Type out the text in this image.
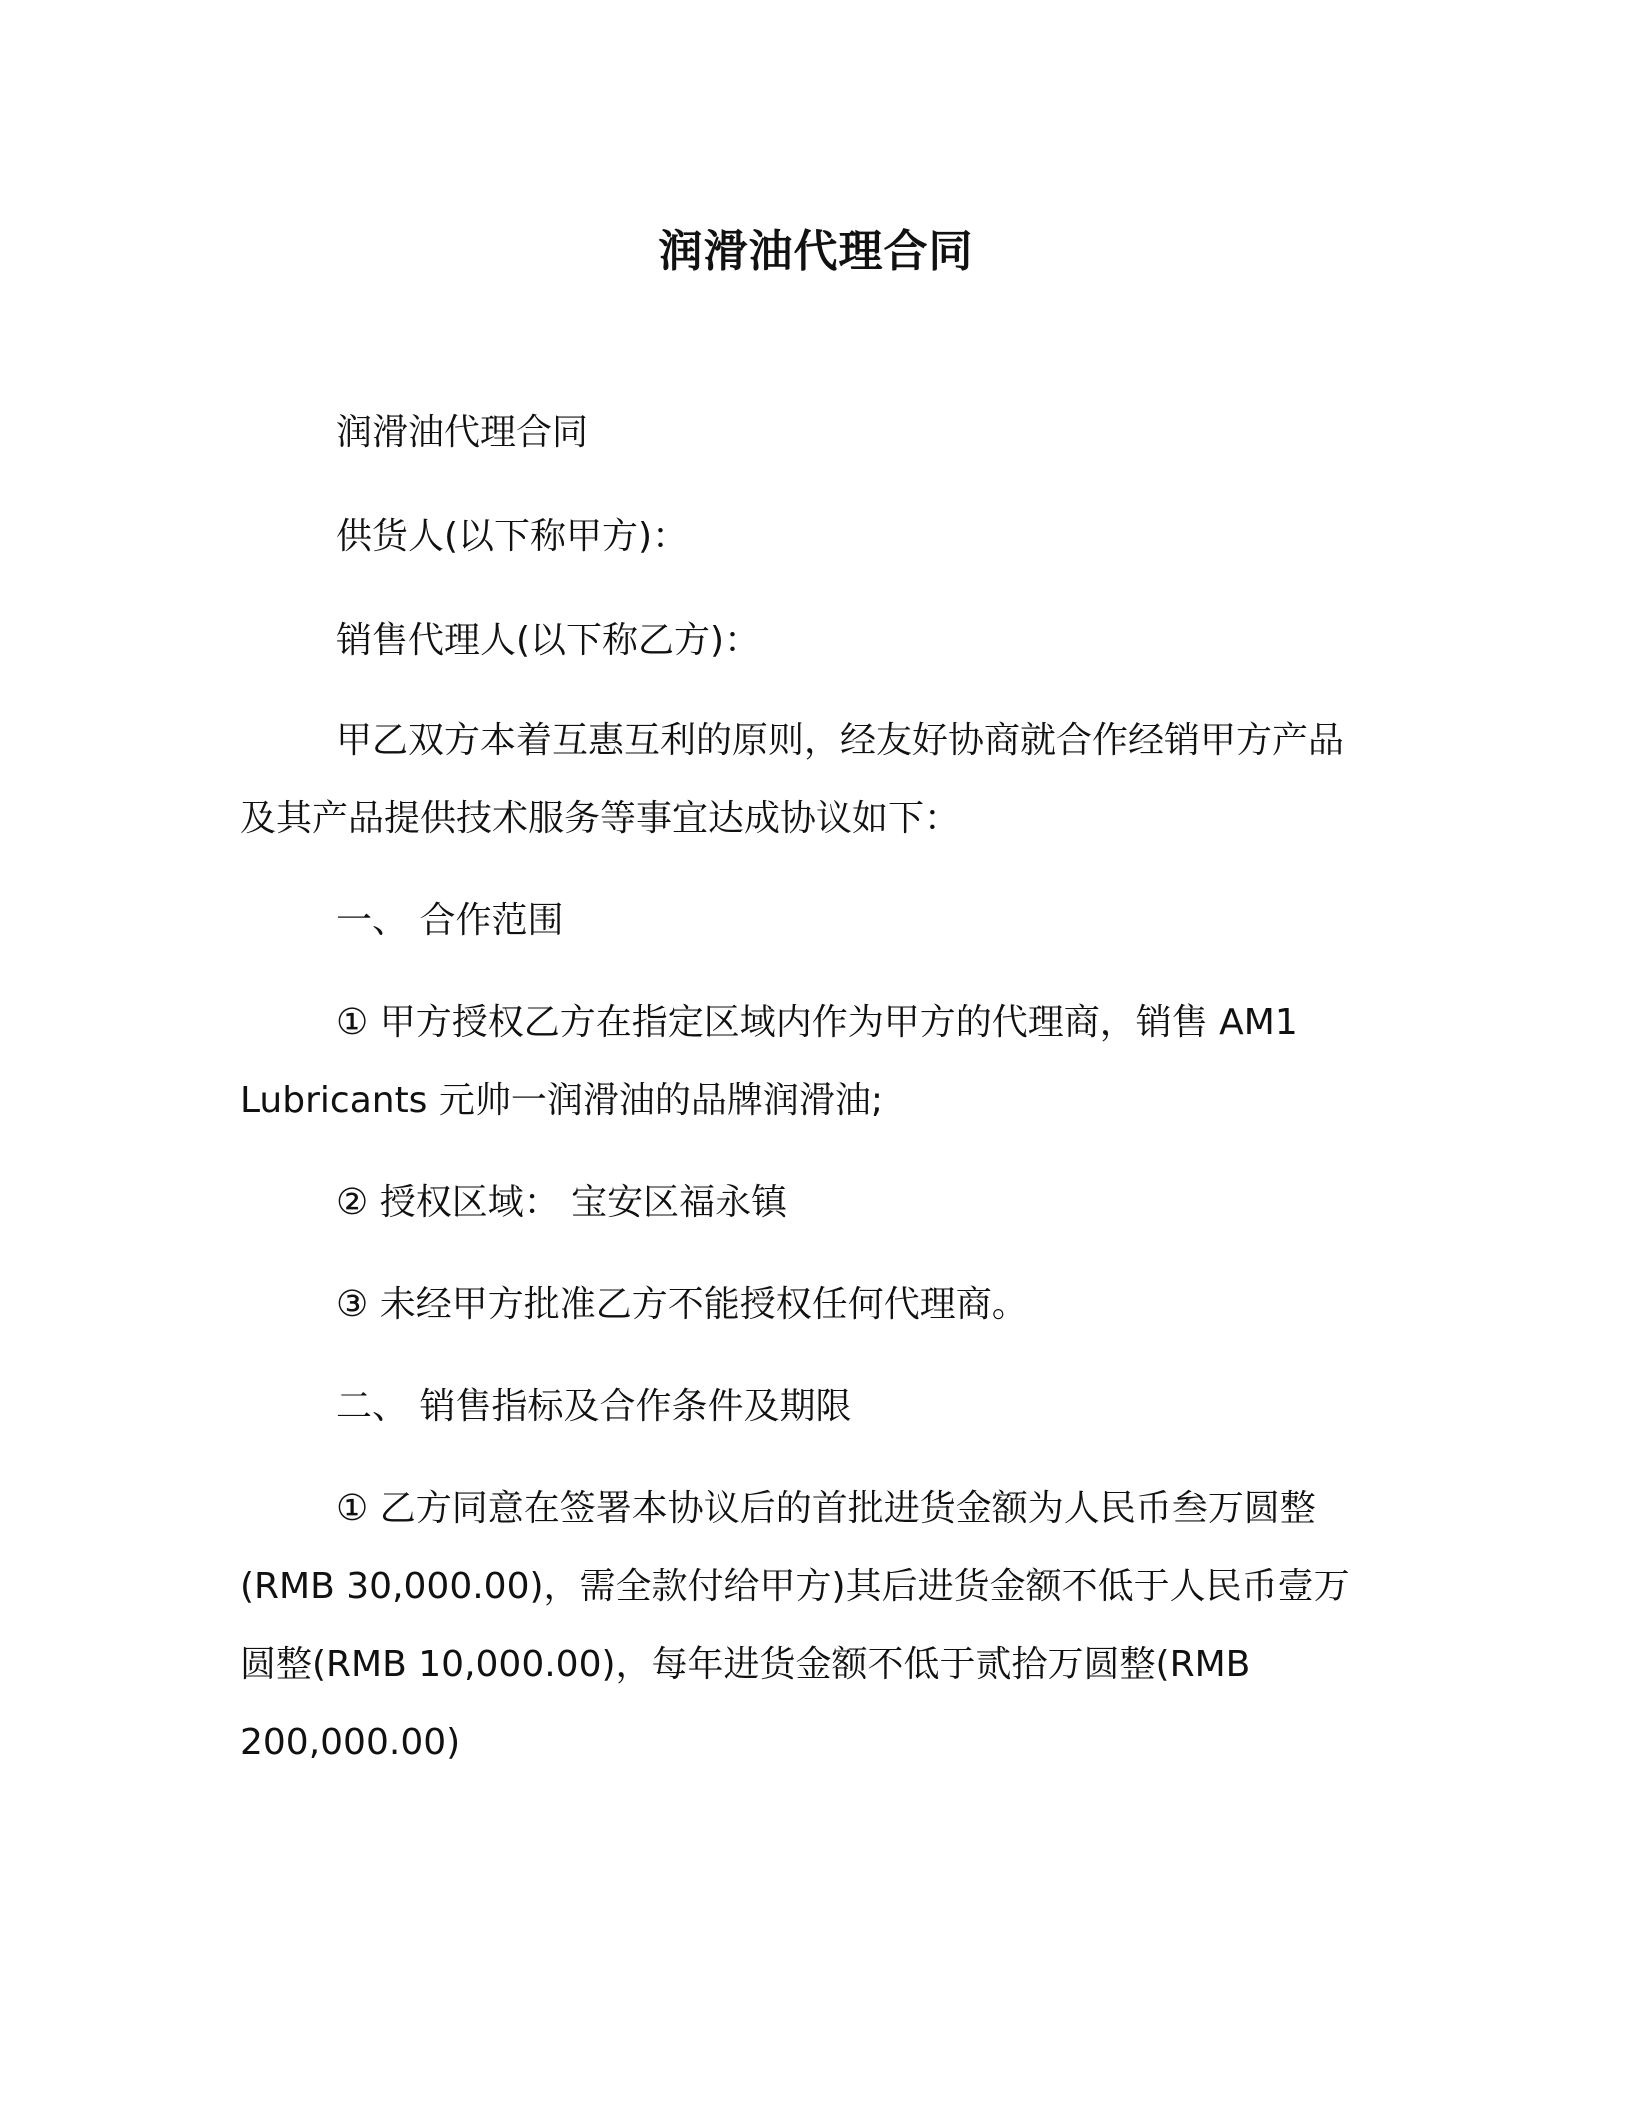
润滑油代理合同

润滑油代理合同

供货人(以下称甲方)：

销售代理人(以下称乙方)：

甲乙双方本着互惠互利的原则，经友好协商就合作经销甲方产品
及其产品提供技术服务等事宜达成协议如下：

一、 合作范围

① 甲方授权乙方在指定区域内作为甲方的代理商，销售 AM1
Lubricants 元帅一润滑油的品牌润滑油;

② 授权区域： 宝安区福永镇

③ 未经甲方批准乙方不能授权任何代理商。

二、 销售指标及合作条件及期限

① 乙方同意在签署本协议后的首批进货金额为人民币叁万圆整
(RMB 30,000.00)，需全款付给甲方)其后进货金额不低于人民币壹万
圆整(RMB 10,000.00)，每年进货金额不低于贰拾万圆整(RMB
200,000.00)
